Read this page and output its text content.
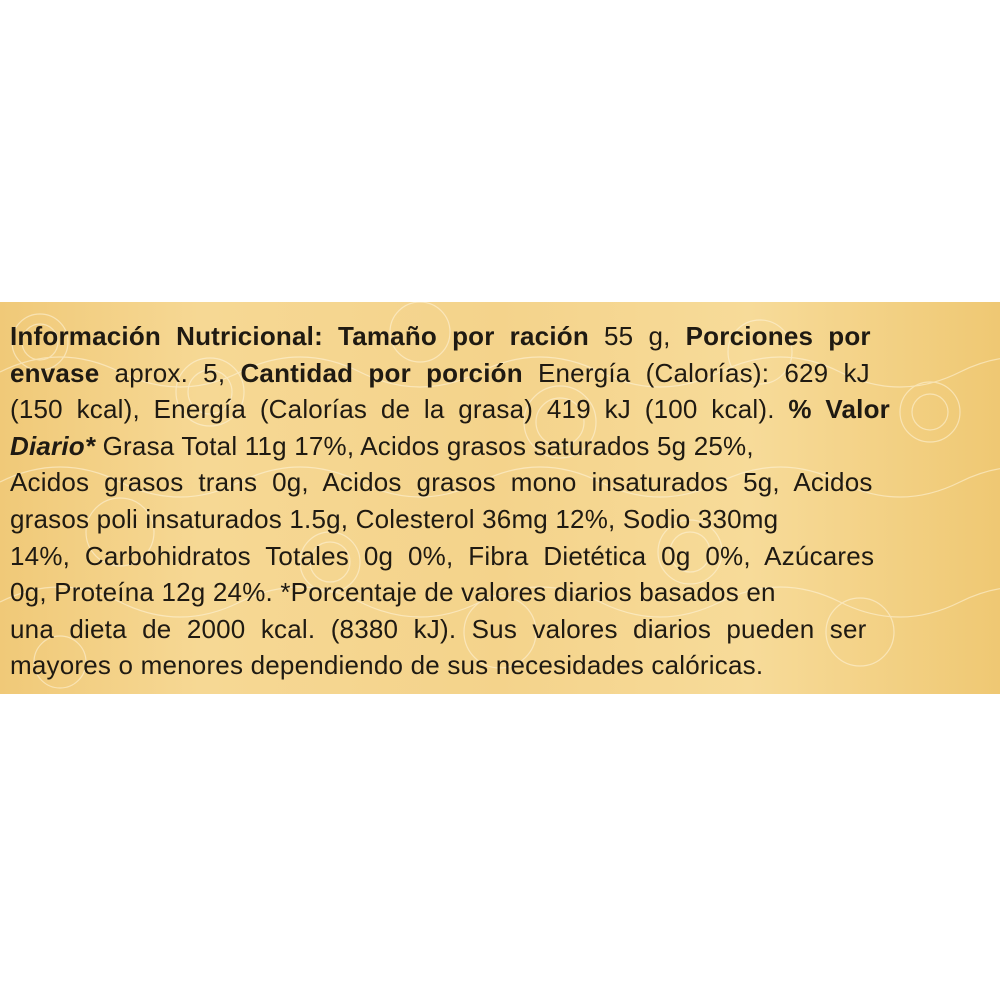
Información Nutricional: Tamaño por ración 55 g, Porciones por
envase aprox. 5, Cantidad por porción Energía (Calorías): 629 kJ
(150 kcal), Energía (Calorías de la grasa) 419 kJ (100 kcal). % Valor
Diario* Grasa Total 11g 17%, Acidos grasos saturados 5g 25%,
Acidos grasos trans 0g, Acidos grasos mono insaturados 5g, Acidos
grasos poli insaturados 1.5g, Colesterol 36mg 12%, Sodio 330mg
14%, Carbohidratos Totales 0g 0%, Fibra Dietética 0g 0%, Azúcares
0g, Proteína 12g 24%. *Porcentaje de valores diarios basados en
una dieta de 2000 kcal. (8380 kJ). Sus valores diarios pueden ser
mayores o menores dependiendo de sus necesidades calóricas.
